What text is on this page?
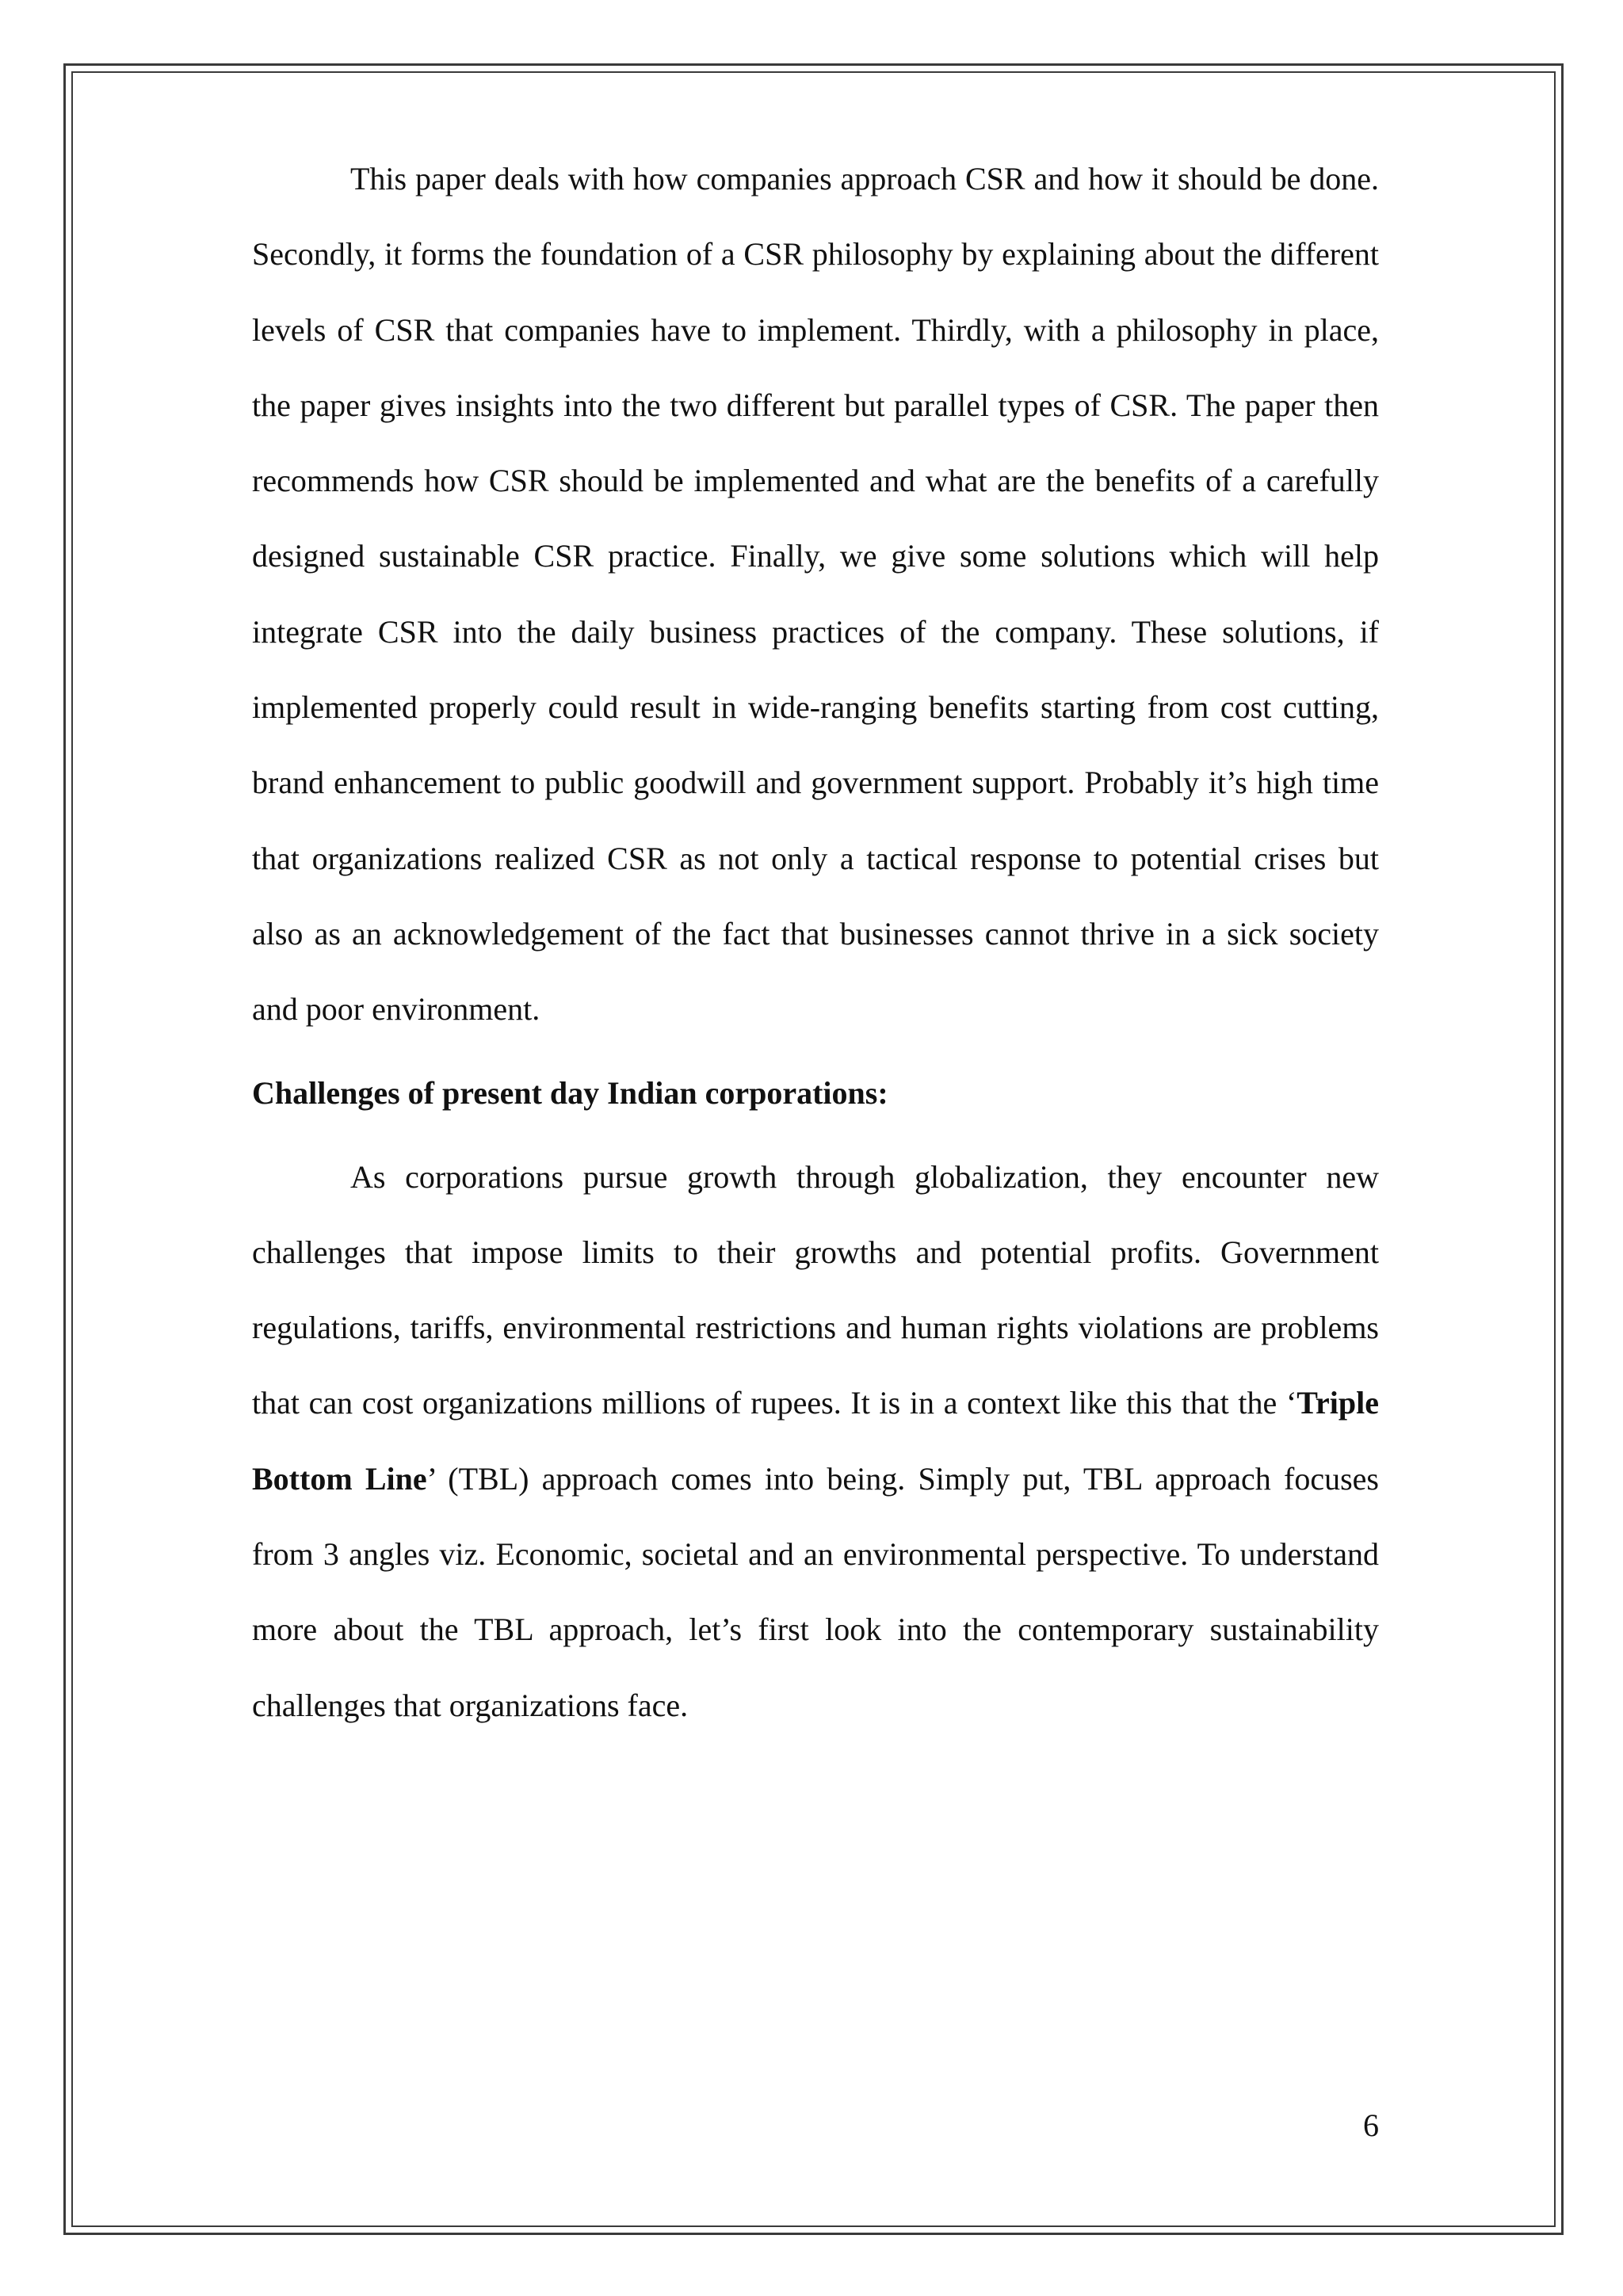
This paper deals with how companies approach CSR and how it should be done. Secondly, it forms the foundation of a CSR philosophy by explaining about the different levels of CSR that companies have to implement. Thirdly, with a philosophy in place, the paper gives insights into the two different but parallel types of CSR. The paper then recommends how CSR should be implemented and what are the benefits of a carefully designed sustainable CSR practice. Finally, we give some solutions which will help integrate CSR into the daily business practices of the company. These solutions, if implemented properly could result in wide-ranging benefits starting from cost cutting, brand enhancement to public goodwill and government support. Probably it’s high time that organizations realized CSR as not only a tactical response to potential crises but also as an acknowledgement of the fact that businesses cannot thrive in a sick society and poor environment.

Challenges of present day Indian corporations:

As corporations pursue growth through globalization, they encounter new challenges that impose limits to their growths and potential profits. Government regulations, tariffs, environmental restrictions and human rights violations are problems that can cost organizations millions of rupees. It is in a context like this that the ‘Triple Bottom Line’ (TBL) approach comes into being. Simply put, TBL approach focuses from 3 angles viz. Economic, societal and an environmental perspective. To understand more about the TBL approach, let’s first look into the contemporary sustainability challenges that organizations face.

6
